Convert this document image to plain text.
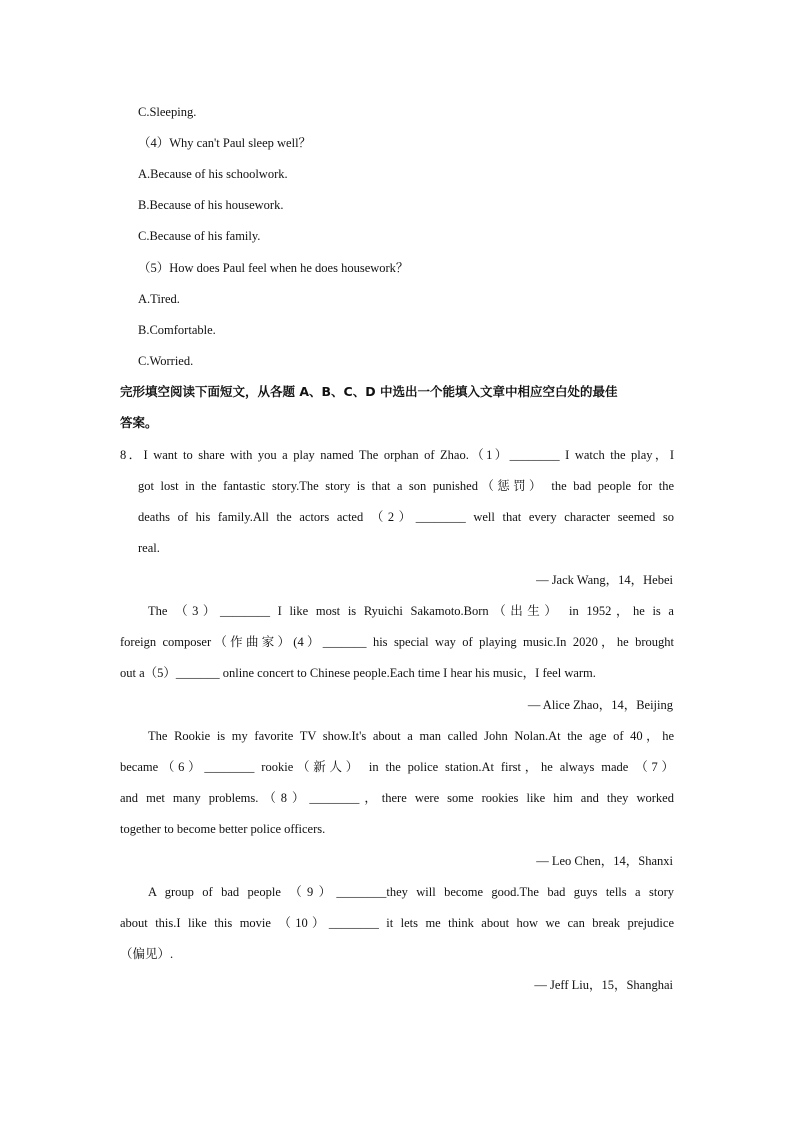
C.Sleeping.
（4）Why can't Paul sleep well？
A.Because of his schoolwork.
B.Because of his housework.
C.Because of his family.
（5）How does Paul feel when he does housework？
A.Tired.
B.Comfortable.
C.Worried.
完形填空阅读下面短文，从各题 A、B、C、D 中选出一个能填入文章中相应空白处的最佳
答案。
8．I want to share with you a play named The orphan of Zhao.（1）________ I watch the play，I
got lost in the fantastic story.The story is that a son punished（惩罚） the bad people for the
deaths of his family.All the actors acted （2）________ well that every character seemed so
real.
— Jack Wang，14，Hebei
The （3）________ I like most is Ryuichi Sakamoto.Born（出生） in 1952，he is a
foreign composer（作曲家）(4）_______ his special way of playing music.In 2020，he brought
out a（5）_______ online concert to Chinese people.Each time I hear his music，I feel warm.
— Alice Zhao，14，Beijing
The Rookie is my favorite TV show.It's about a man called John Nolan.At the age of 40，he
became（6）________ rookie（新人） in the police station.At first，he always made （7）
and met many problems.（8）________，there were some rookies like him and they worked
together to become better police officers.
— Leo Chen，14，Shanxi
A group of bad people （9）________they will become good.The bad guys tells a story
about this.I like this movie （10）________ it lets me think about how we can break prejudice
（偏见）.
— Jeff Liu，15，Shanghai
